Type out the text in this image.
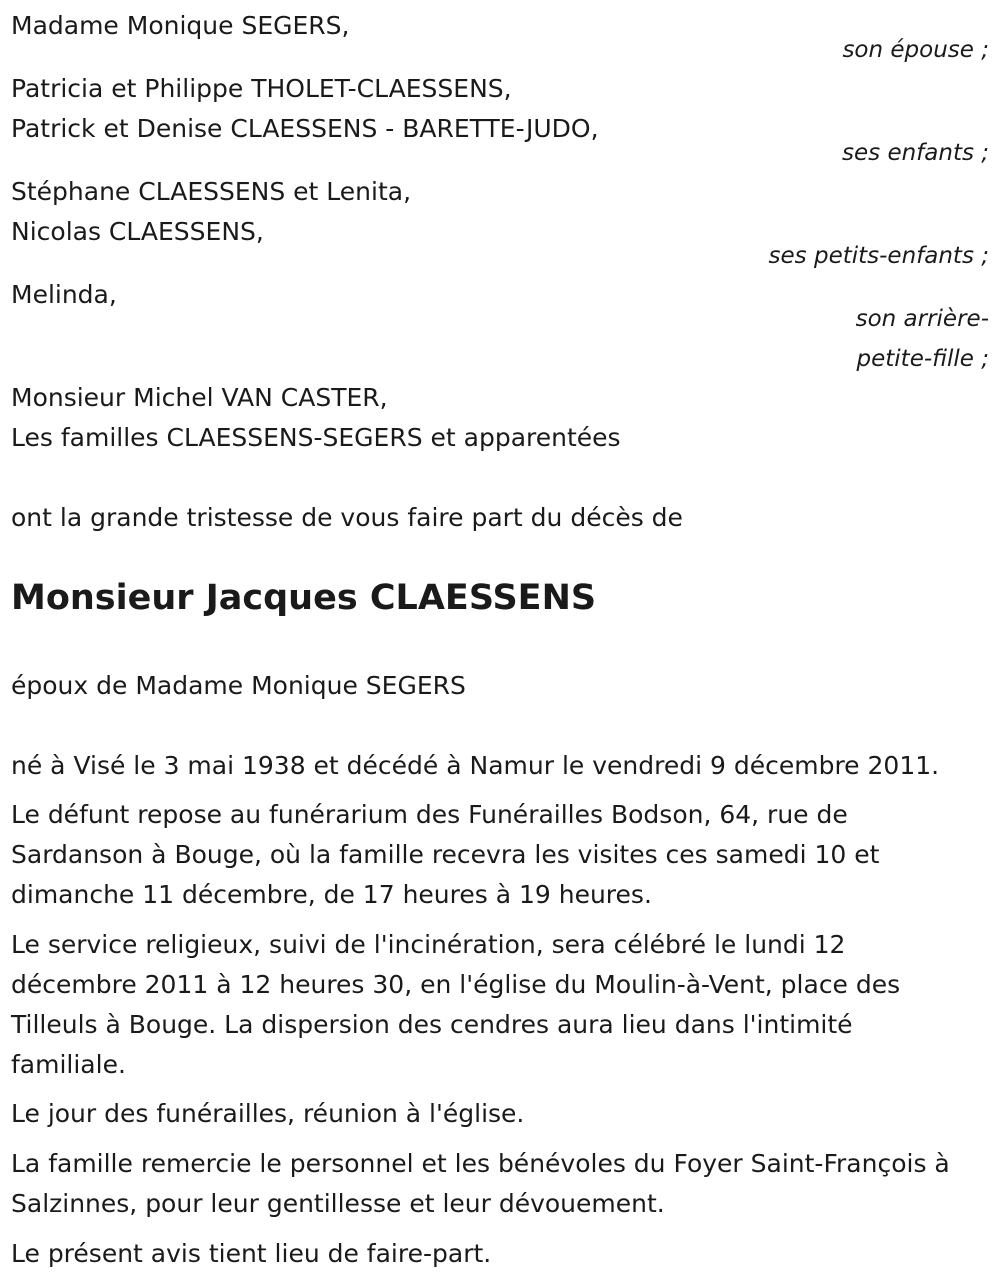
Madame Monique SEGERS,
son épouse ;
Patricia et Philippe THOLET-CLAESSENS,
Patrick et Denise CLAESSENS - BARETTE-JUDO,
ses enfants ;
Stéphane CLAESSENS et Lenita,
Nicolas CLAESSENS,
ses petits-enfants ;
Melinda,
son arrière-
petite-fille ;
Monsieur Michel VAN CASTER,
Les familles CLAESSENS-SEGERS et apparentées
ont la grande tristesse de vous faire part du décès de
Monsieur Jacques CLAESSENS
époux de Madame Monique SEGERS
né à Visé le 3 mai 1938 et décédé à Namur le vendredi 9 décembre 2011.

Le défunt repose au funérarium des Funérailles Bodson, 64, rue de Sardanson à Bouge, où la famille recevra les visites ces samedi 10 et dimanche 11 décembre, de 17 heures à 19 heures.

Le service religieux, suivi de l'incinération, sera célébré le lundi 12 décembre 2011 à 12 heures 30, en l'église du Moulin-à-Vent, place des Tilleuls à Bouge. La dispersion des cendres aura lieu dans l'intimité familiale.

Le jour des funérailles, réunion à l'église.

La famille remercie le personnel et les bénévoles du Foyer Saint-François à Salzinnes, pour leur gentillesse et leur dévouement.

Le présent avis tient lieu de faire-part.
